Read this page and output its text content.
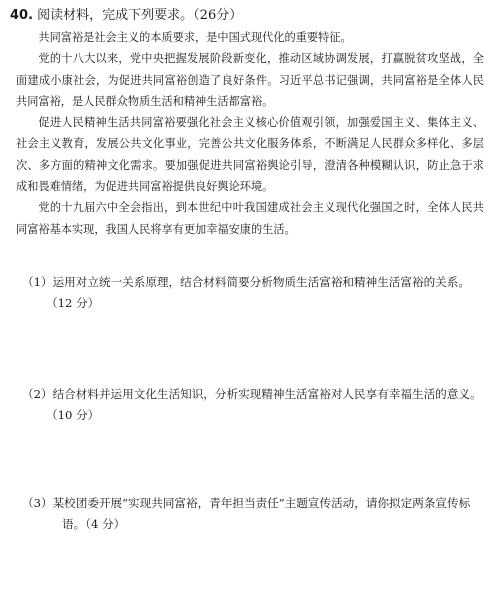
40. 阅读材料，完成下列要求。（26分）

共同富裕是社会主义的本质要求，是中国式现代化的重要特征。

党的十八大以来，党中央把握发展阶段新变化，推动区域协调发展，打赢脱贫攻坚战，全面建成小康社会，为促进共同富裕创造了良好条件。习近平总书记强调，共同富裕是全体人民共同富裕，是人民群众物质生活和精神生活都富裕。

促进人民精神生活共同富裕要强化社会主义核心价值观引领，加强爱国主义、集体主义、社会主义教育，发展公共文化事业，完善公共文化服务体系，不断满足人民群众多样化、多层次、多方面的精神文化需求。要加强促进共同富裕舆论引导，澄清各种模糊认识，防止急于求成和畏难情绪，为促进共同富裕提供良好舆论环境。

党的十九届六中全会指出，到本世纪中叶我国建成社会主义现代化强国之时，全体人民共同富裕基本实现，我国人民将享有更加幸福安康的生活。

（1）运用对立统一关系原理，结合材料简要分析物质生活富裕和精神生活富裕的关系。
（12 分）
（2）结合材料并运用文化生活知识，分析实现精神生活富裕对人民享有幸福生活的意义。
（10 分）
（3）某校团委开展“实现共同富裕，青年担当责任”主题宣传活动，请你拟定两条宣传标
语。（4 分）
